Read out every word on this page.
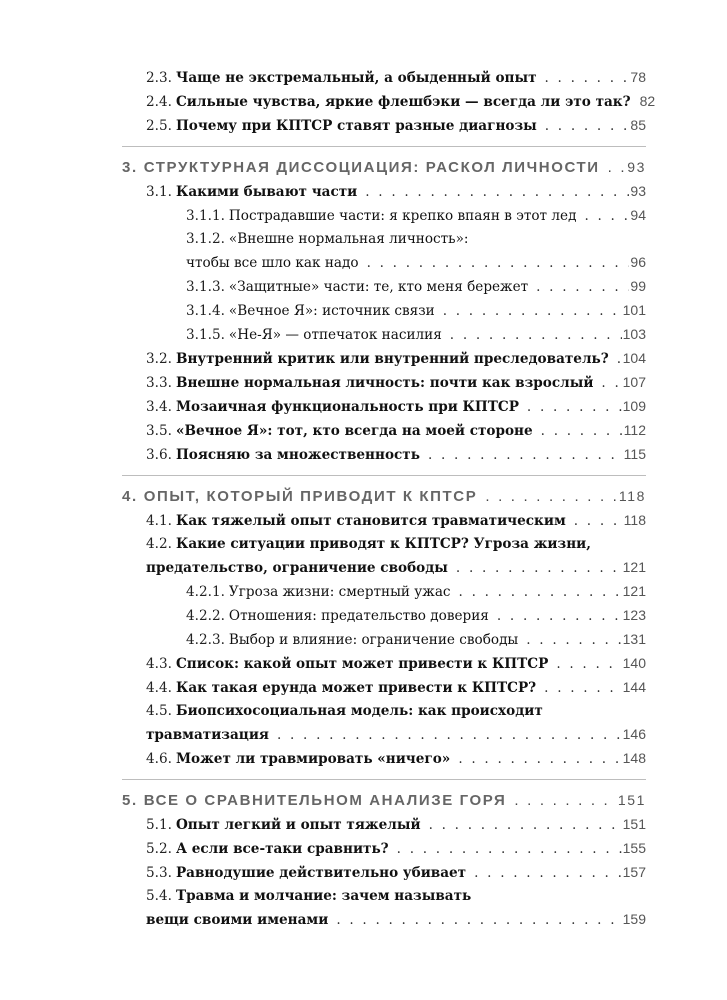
2.3. Чаще не экстремальный, а обыденный опыт . . .	78
2.4. Сильные чувства, яркие флешбэки — всегда ли это так? 82
2.5. Почему при КПТСР ставят разные диагнозы . . .	85
3. СТРУКТУРНАЯ ДИССОЦИАЦИЯ: РАСКОЛ ЛИЧНОСТИ . . . 93
3.1. Какими бывают части . . .	93
3.1.1. Пострадавшие части: я крепко впаян в этот лед . . .	94
3.1.2. «Внешне нормальная личность»:
чтобы все шло как надо . . .	96
3.1.3. «Защитные» части: те, кто меня бережет . . .	99
3.1.4. «Вечное Я»: источник связи . . .	101
3.1.5. «Не-Я» — отпечаток насилия . . .	103
3.2. Внутренний критик или внутренний преследователь? . . . 104
3.3. Внешне нормальная личность: почти как взрослый . . . 107
3.4. Мозаичная функциональность при КПТСР . . .	109
3.5. «Вечное Я»: тот, кто всегда на моей стороне . . .	112
3.6. Поясняю за множественность . . .	115
4. ОПЫТ, КОТОРЫЙ ПРИВОДИТ К КПТСР . . .	118
4.1. Как тяжелый опыт становится травматическим . . .	118
4.2. Какие ситуации приводят к КПТСР? Угроза жизни,
предательство, ограничение свободы . . .	121
4.2.1. Угроза жизни: смертный ужас . . .	121
4.2.2. Отношения: предательство доверия . . .	123
4.2.3. Выбор и влияние: ограничение свободы . . .	131
4.3. Список: какой опыт может привести к КПТСР . . .	140
4.4. Как такая ерунда может привести к КПТСР? . . .	144
4.5. Биопсихосоциальная модель: как происходит
травматизация . . .	146
4.6. Может ли травмировать «ничего» . . .	148
5. ВСЕ О СРАВНИТЕЛЬНОМ АНАЛИЗЕ ГОРЯ . . .	151
5.1. Опыт легкий и опыт тяжелый . . .	151
5.2. А если все-таки сравнить? . . .	155
5.3. Равнодушие действительно убивает . . .	157
5.4. Травма и молчание: зачем называть
вещи своими именами . . .	159
